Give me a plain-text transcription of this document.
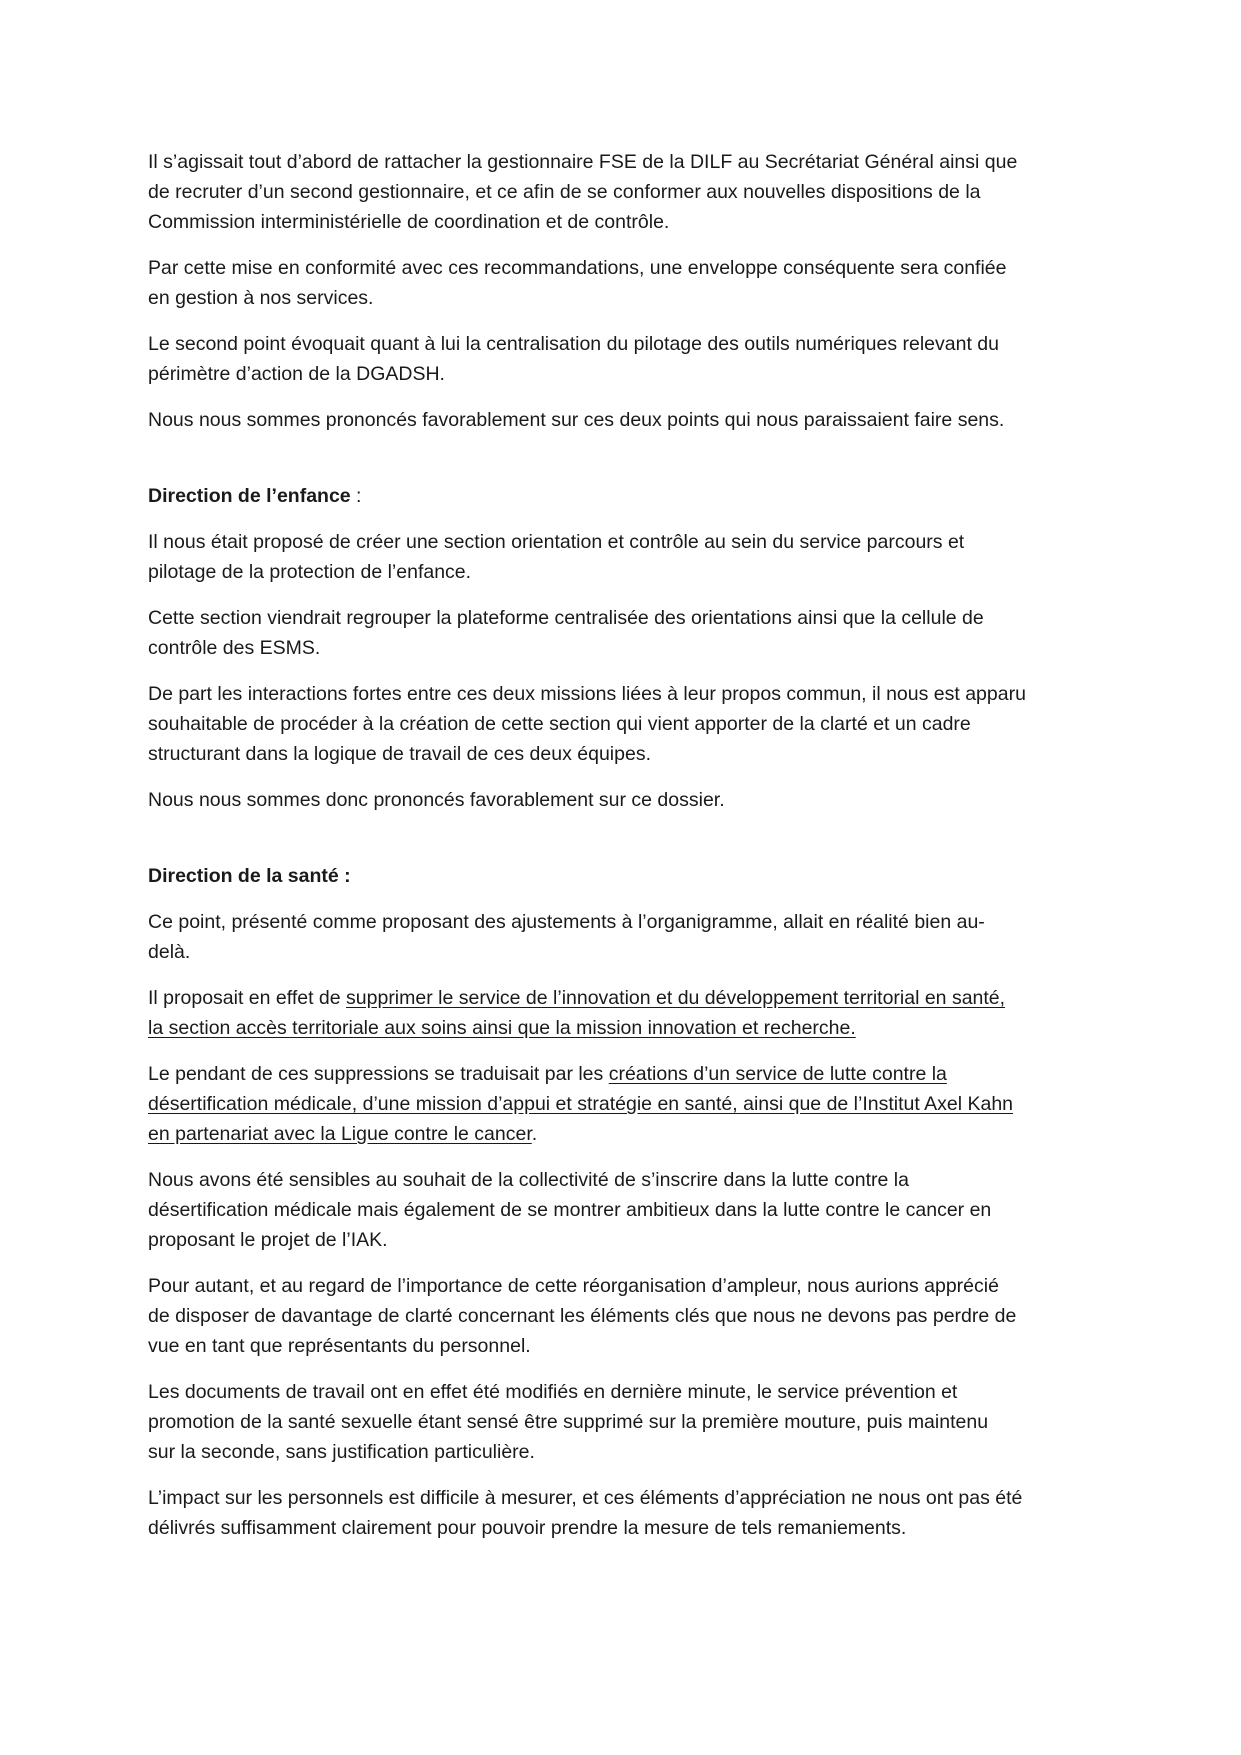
Il s’agissait tout d’abord de rattacher la gestionnaire FSE de la DILF au Secrétariat Général ainsi que
de recruter d’un second gestionnaire, et ce afin de se conformer aux nouvelles dispositions de la
Commission interministérielle de coordination et de contrôle.

Par cette mise en conformité avec ces recommandations, une enveloppe conséquente sera confiée
en gestion à nos services.

Le second point évoquait quant à lui la centralisation du pilotage des outils numériques relevant du
périmètre d’action de la DGADSH.

Nous nous sommes prononcés favorablement sur ces deux points qui nous paraissaient faire sens.

Direction de l’enfance :

Il nous était proposé de créer une section orientation et contrôle au sein du service parcours et
pilotage de la protection de l’enfance.

Cette section viendrait regrouper la plateforme centralisée des orientations ainsi que la cellule de
contrôle des ESMS.

De part les interactions fortes entre ces deux missions liées à leur propos commun, il nous est apparu
souhaitable de procéder à la création de cette section qui vient apporter de la clarté et un cadre
structurant dans la logique de travail de ces deux équipes.

Nous nous sommes donc prononcés favorablement sur ce dossier.

Direction de la santé :

Ce point, présenté comme proposant des ajustements à l’organigramme, allait en réalité bien au-
delà.

Il proposait en effet de supprimer le service de l’innovation et du développement territorial en santé,
la section accès territoriale aux soins ainsi que la mission innovation et recherche.

Le pendant de ces suppressions se traduisait par les créations d’un service de lutte contre la
désertification médicale, d’une mission d’appui et stratégie en santé, ainsi que de l’Institut Axel Kahn
en partenariat avec la Ligue contre le cancer.

Nous avons été sensibles au souhait de la collectivité de s’inscrire dans la lutte contre la
désertification médicale mais également de se montrer ambitieux dans la lutte contre le cancer en
proposant le projet de l’IAK.

Pour autant, et au regard de l’importance de cette réorganisation d’ampleur, nous aurions apprécié
de disposer de davantage de clarté concernant les éléments clés que nous ne devons pas perdre de
vue en tant que représentants du personnel.

Les documents de travail ont en effet été modifiés en dernière minute, le service prévention et
promotion de la santé sexuelle étant sensé être supprimé sur la première mouture, puis maintenu
sur la seconde, sans justification particulière.

L’impact sur les personnels est difficile à mesurer, et ces éléments d’appréciation ne nous ont pas été
délivrés suffisamment clairement pour pouvoir prendre la mesure de tels remaniements.
